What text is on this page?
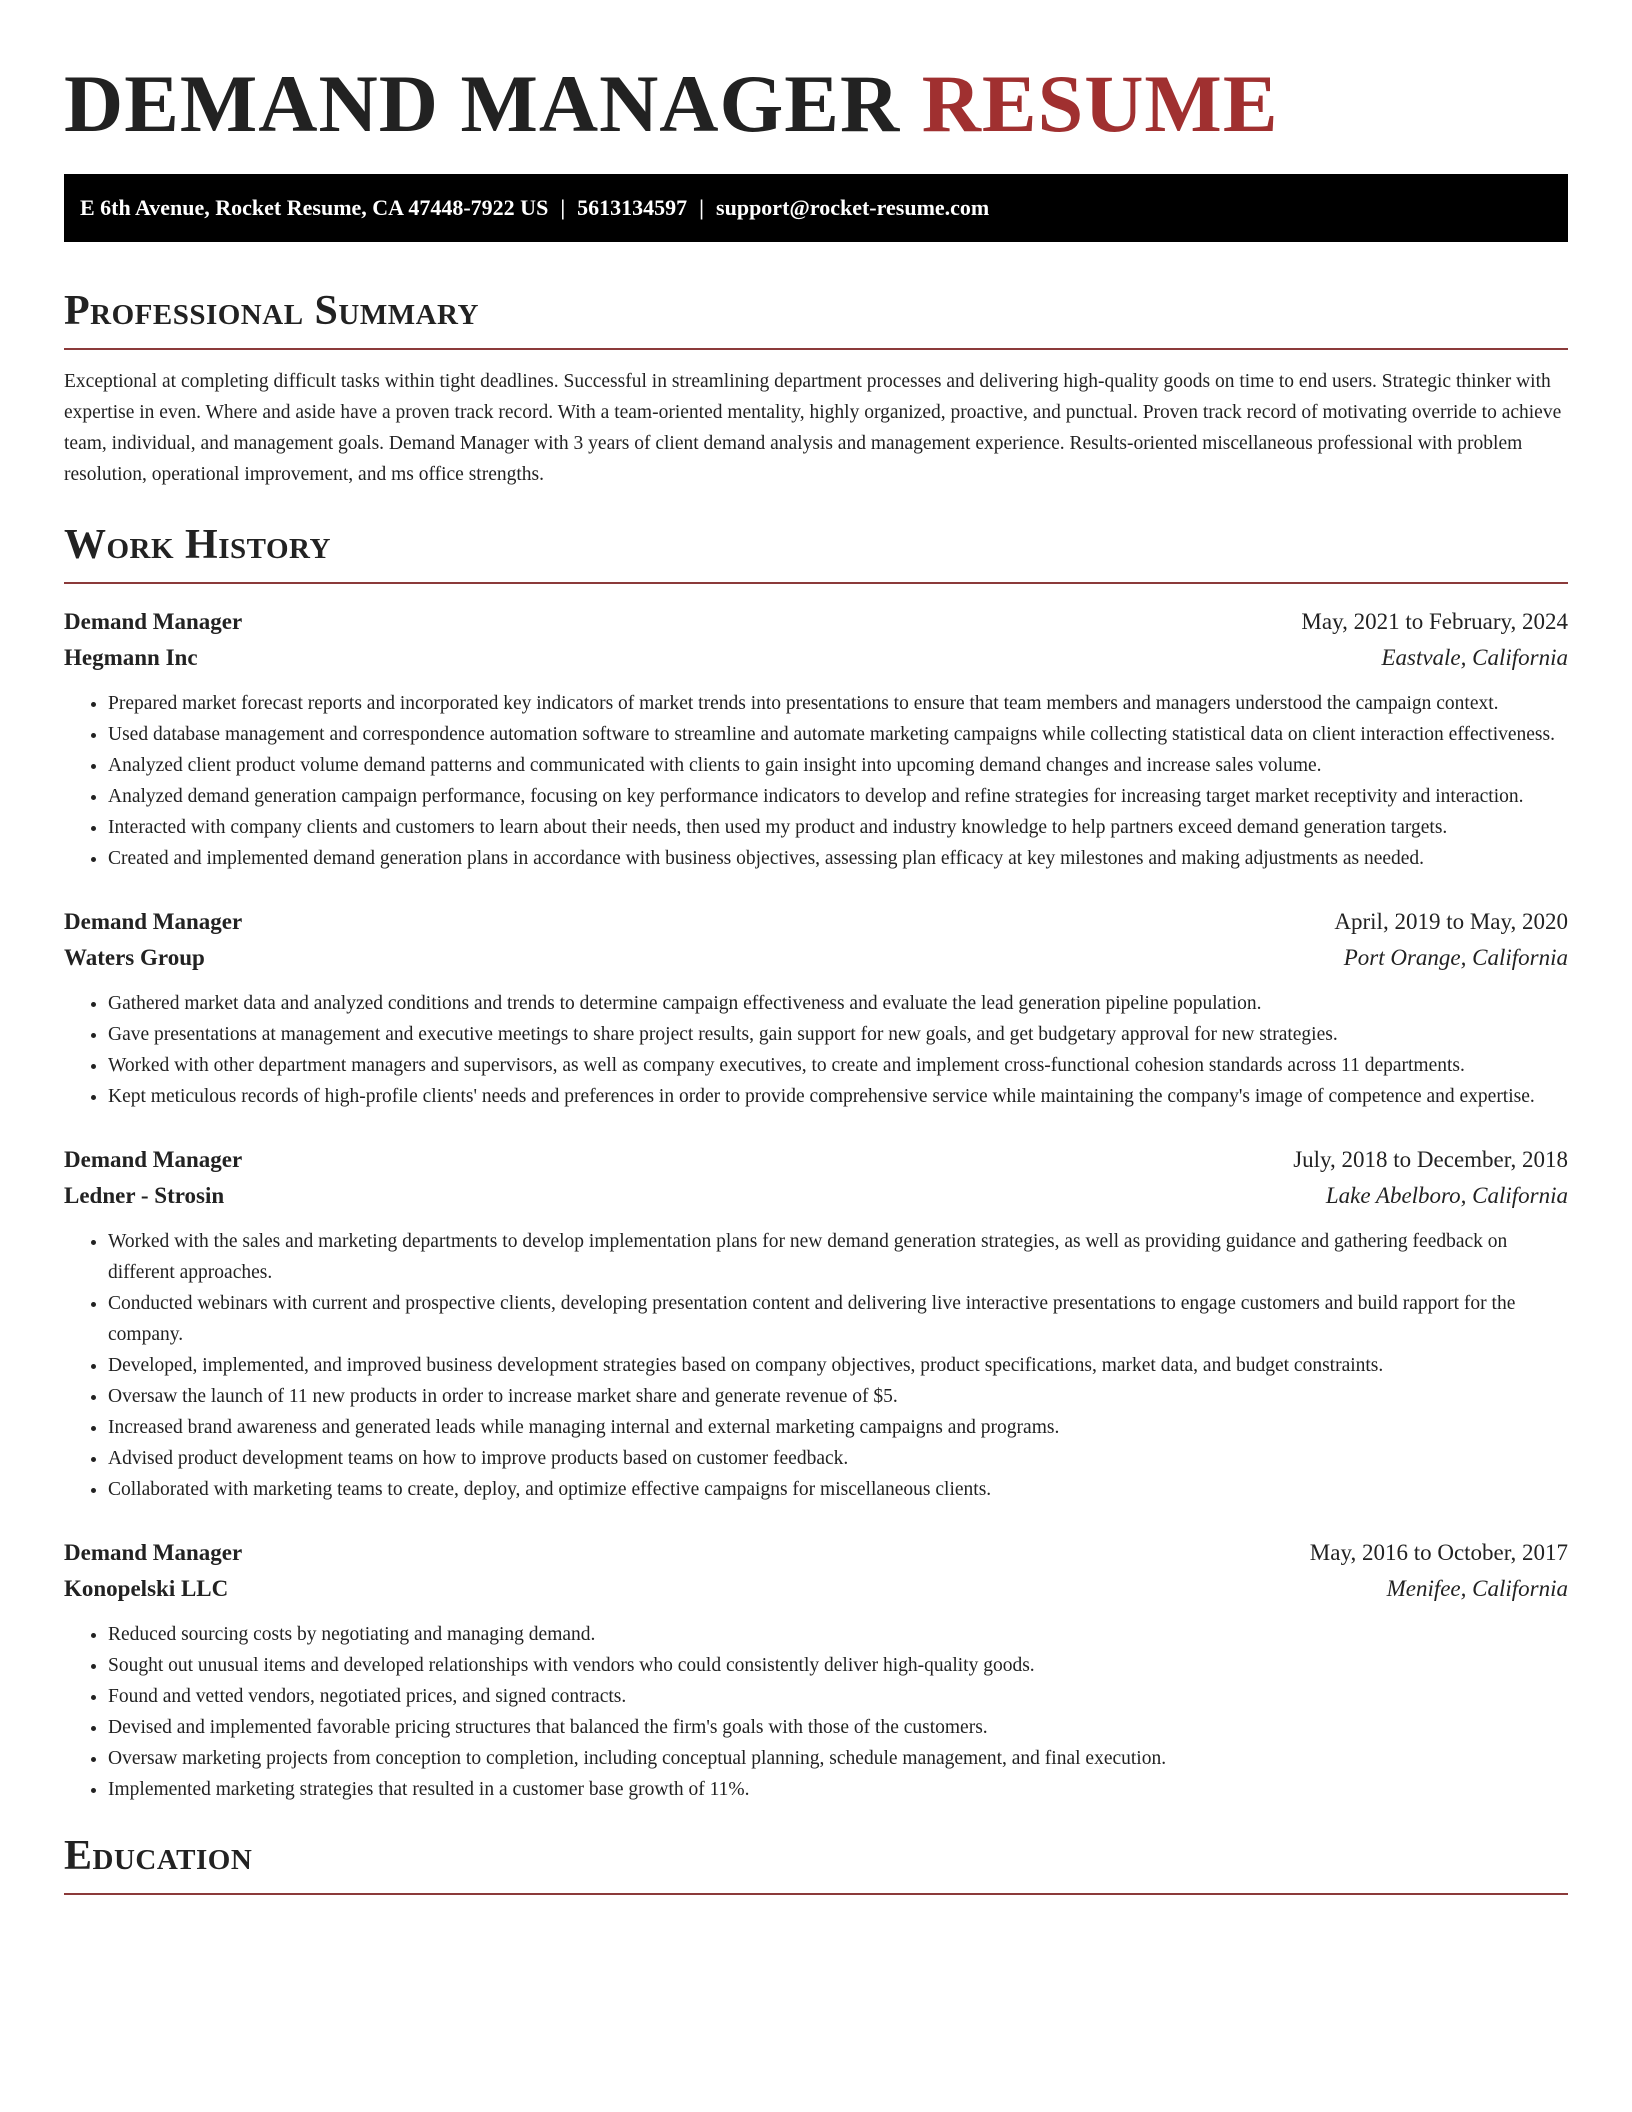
DEMAND MANAGER RESUME
E 6th Avenue, Rocket Resume, CA 47448-7922 US | 5613134597 | support@rocket-resume.com
Professional Summary

Exceptional at completing difficult tasks within tight deadlines. Successful in streamlining department processes and delivering high-quality goods on time to end users. Strategic thinker with expertise in even. Where and aside have a proven track record. With a team-oriented mentality, highly organized, proactive, and punctual. Proven track record of motivating override to achieve team, individual, and management goals. Demand Manager with 3 years of client demand analysis and management experience. Results-oriented miscellaneous professional with problem resolution, operational improvement, and ms office strengths.

Work History
Demand Manager	May, 2021 to February, 2024
Hegmann Inc	Eastvale, California
• Prepared market forecast reports and incorporated key indicators of market trends into presentations to ensure that team members and managers understood the campaign context.
• Used database management and correspondence automation software to streamline and automate marketing campaigns while collecting statistical data on client interaction effectiveness.
• Analyzed client product volume demand patterns and communicated with clients to gain insight into upcoming demand changes and increase sales volume.
• Analyzed demand generation campaign performance, focusing on key performance indicators to develop and refine strategies for increasing target market receptivity and interaction.
• Interacted with company clients and customers to learn about their needs, then used my product and industry knowledge to help partners exceed demand generation targets.
• Created and implemented demand generation plans in accordance with business objectives, assessing plan efficacy at key milestones and making adjustments as needed.
Demand Manager	April, 2019 to May, 2020
Waters Group	Port Orange, California
• Gathered market data and analyzed conditions and trends to determine campaign effectiveness and evaluate the lead generation pipeline population.
• Gave presentations at management and executive meetings to share project results, gain support for new goals, and get budgetary approval for new strategies.
• Worked with other department managers and supervisors, as well as company executives, to create and implement cross-functional cohesion standards across 11 departments.
• Kept meticulous records of high-profile clients' needs and preferences in order to provide comprehensive service while maintaining the company's image of competence and expertise.
Demand Manager	July, 2018 to December, 2018
Ledner - Strosin	Lake Abelboro, California
• Worked with the sales and marketing departments to develop implementation plans for new demand generation strategies, as well as providing guidance and gathering feedback on different approaches.
• Conducted webinars with current and prospective clients, developing presentation content and delivering live interactive presentations to engage customers and build rapport for the company.
• Developed, implemented, and improved business development strategies based on company objectives, product specifications, market data, and budget constraints.
• Oversaw the launch of 11 new products in order to increase market share and generate revenue of $5.
• Increased brand awareness and generated leads while managing internal and external marketing campaigns and programs.
• Advised product development teams on how to improve products based on customer feedback.
• Collaborated with marketing teams to create, deploy, and optimize effective campaigns for miscellaneous clients.
Demand Manager	May, 2016 to October, 2017
Konopelski LLC	Menifee, California
• Reduced sourcing costs by negotiating and managing demand.
• Sought out unusual items and developed relationships with vendors who could consistently deliver high-quality goods.
• Found and vetted vendors, negotiated prices, and signed contracts.
• Devised and implemented favorable pricing structures that balanced the firm's goals with those of the customers.
• Oversaw marketing projects from conception to completion, including conceptual planning, schedule management, and final execution.
• Implemented marketing strategies that resulted in a customer base growth of 11%.
Education
